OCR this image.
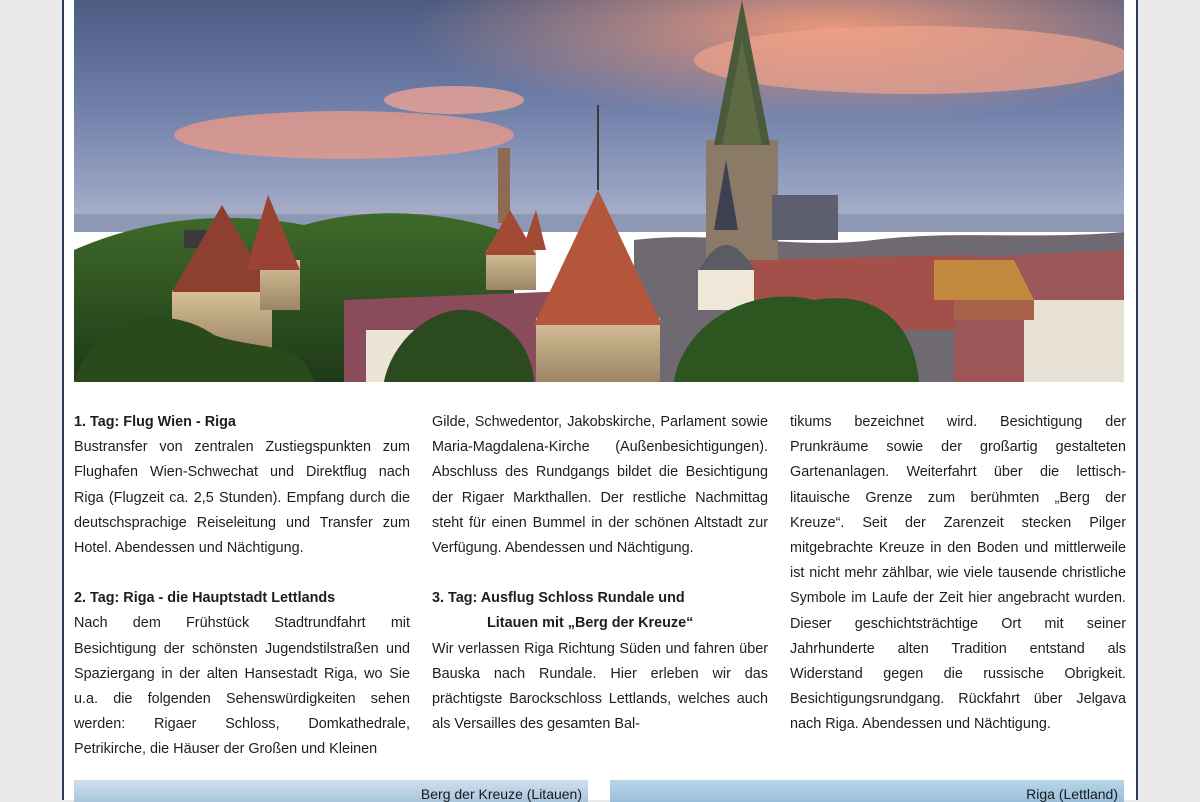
1. Tag: Flug Wien - Riga

Bustransfer von zentralen Zustiegspunkten zum Flughafen Wien-Schwechat und Direktflug nach Riga (Flugzeit ca. 2,5 Stunden). Empfang durch die deutschsprachige Reiseleitung und Transfer zum Hotel. Abendessen und Nächtigung.

2. Tag: Riga - die Hauptstadt Lettlands

Nach dem Frühstück Stadtrundfahrt mit Besichtigung der schönsten Jugendstilstraßen und Spaziergang in der alten Hansestadt Riga, wo Sie u.a. die folgenden Sehenswürdigkeiten sehen werden: Rigaer Schloss, Domkathedrale, Petrikirche, die Häuser der Großen und Kleinen

Gilde, Schwedentor, Jakobskirche, Parlament sowie Maria-Magdalena-Kirche (Außenbesichtigungen). Abschluss des Rundgangs bildet die Besichtigung der Rigaer Markthallen. Der restliche Nachmittag steht für einen Bummel in der schönen Altstadt zur Verfügung. Abendessen und Nächtigung.

3. Tag: Ausflug Schloss Rundale und
Litauen mit „Berg der Kreuze“

Wir verlassen Riga Richtung Süden und fahren über Bauska nach Rundale. Hier erleben wir das prächtigste Barockschloss Lettlands, welches auch als Versailles des gesamten Bal-

tikums bezeichnet wird. Besichtigung der Prunkräume sowie der großartig gestalteten Gartenanlagen. Weiterfahrt über die lettisch-litauische Grenze zum berühmten „Berg der Kreuze“. Seit der Zarenzeit stecken Pilger mitgebrachte Kreuze in den Boden und mittlerweile ist nicht mehr zählbar, wie viele tausende christliche Symbole im Laufe der Zeit hier angebracht wurden. Dieser geschichtsträchtige Ort mit seiner Jahrhunderte alten Tradition entstand als Widerstand gegen die russische Obrigkeit. Besichtigungsrundgang. Rückfahrt über Jelgava nach Riga. Abendessen und Nächtigung.

Berg der Kreuze (Litauen)	Riga (Lettland)
